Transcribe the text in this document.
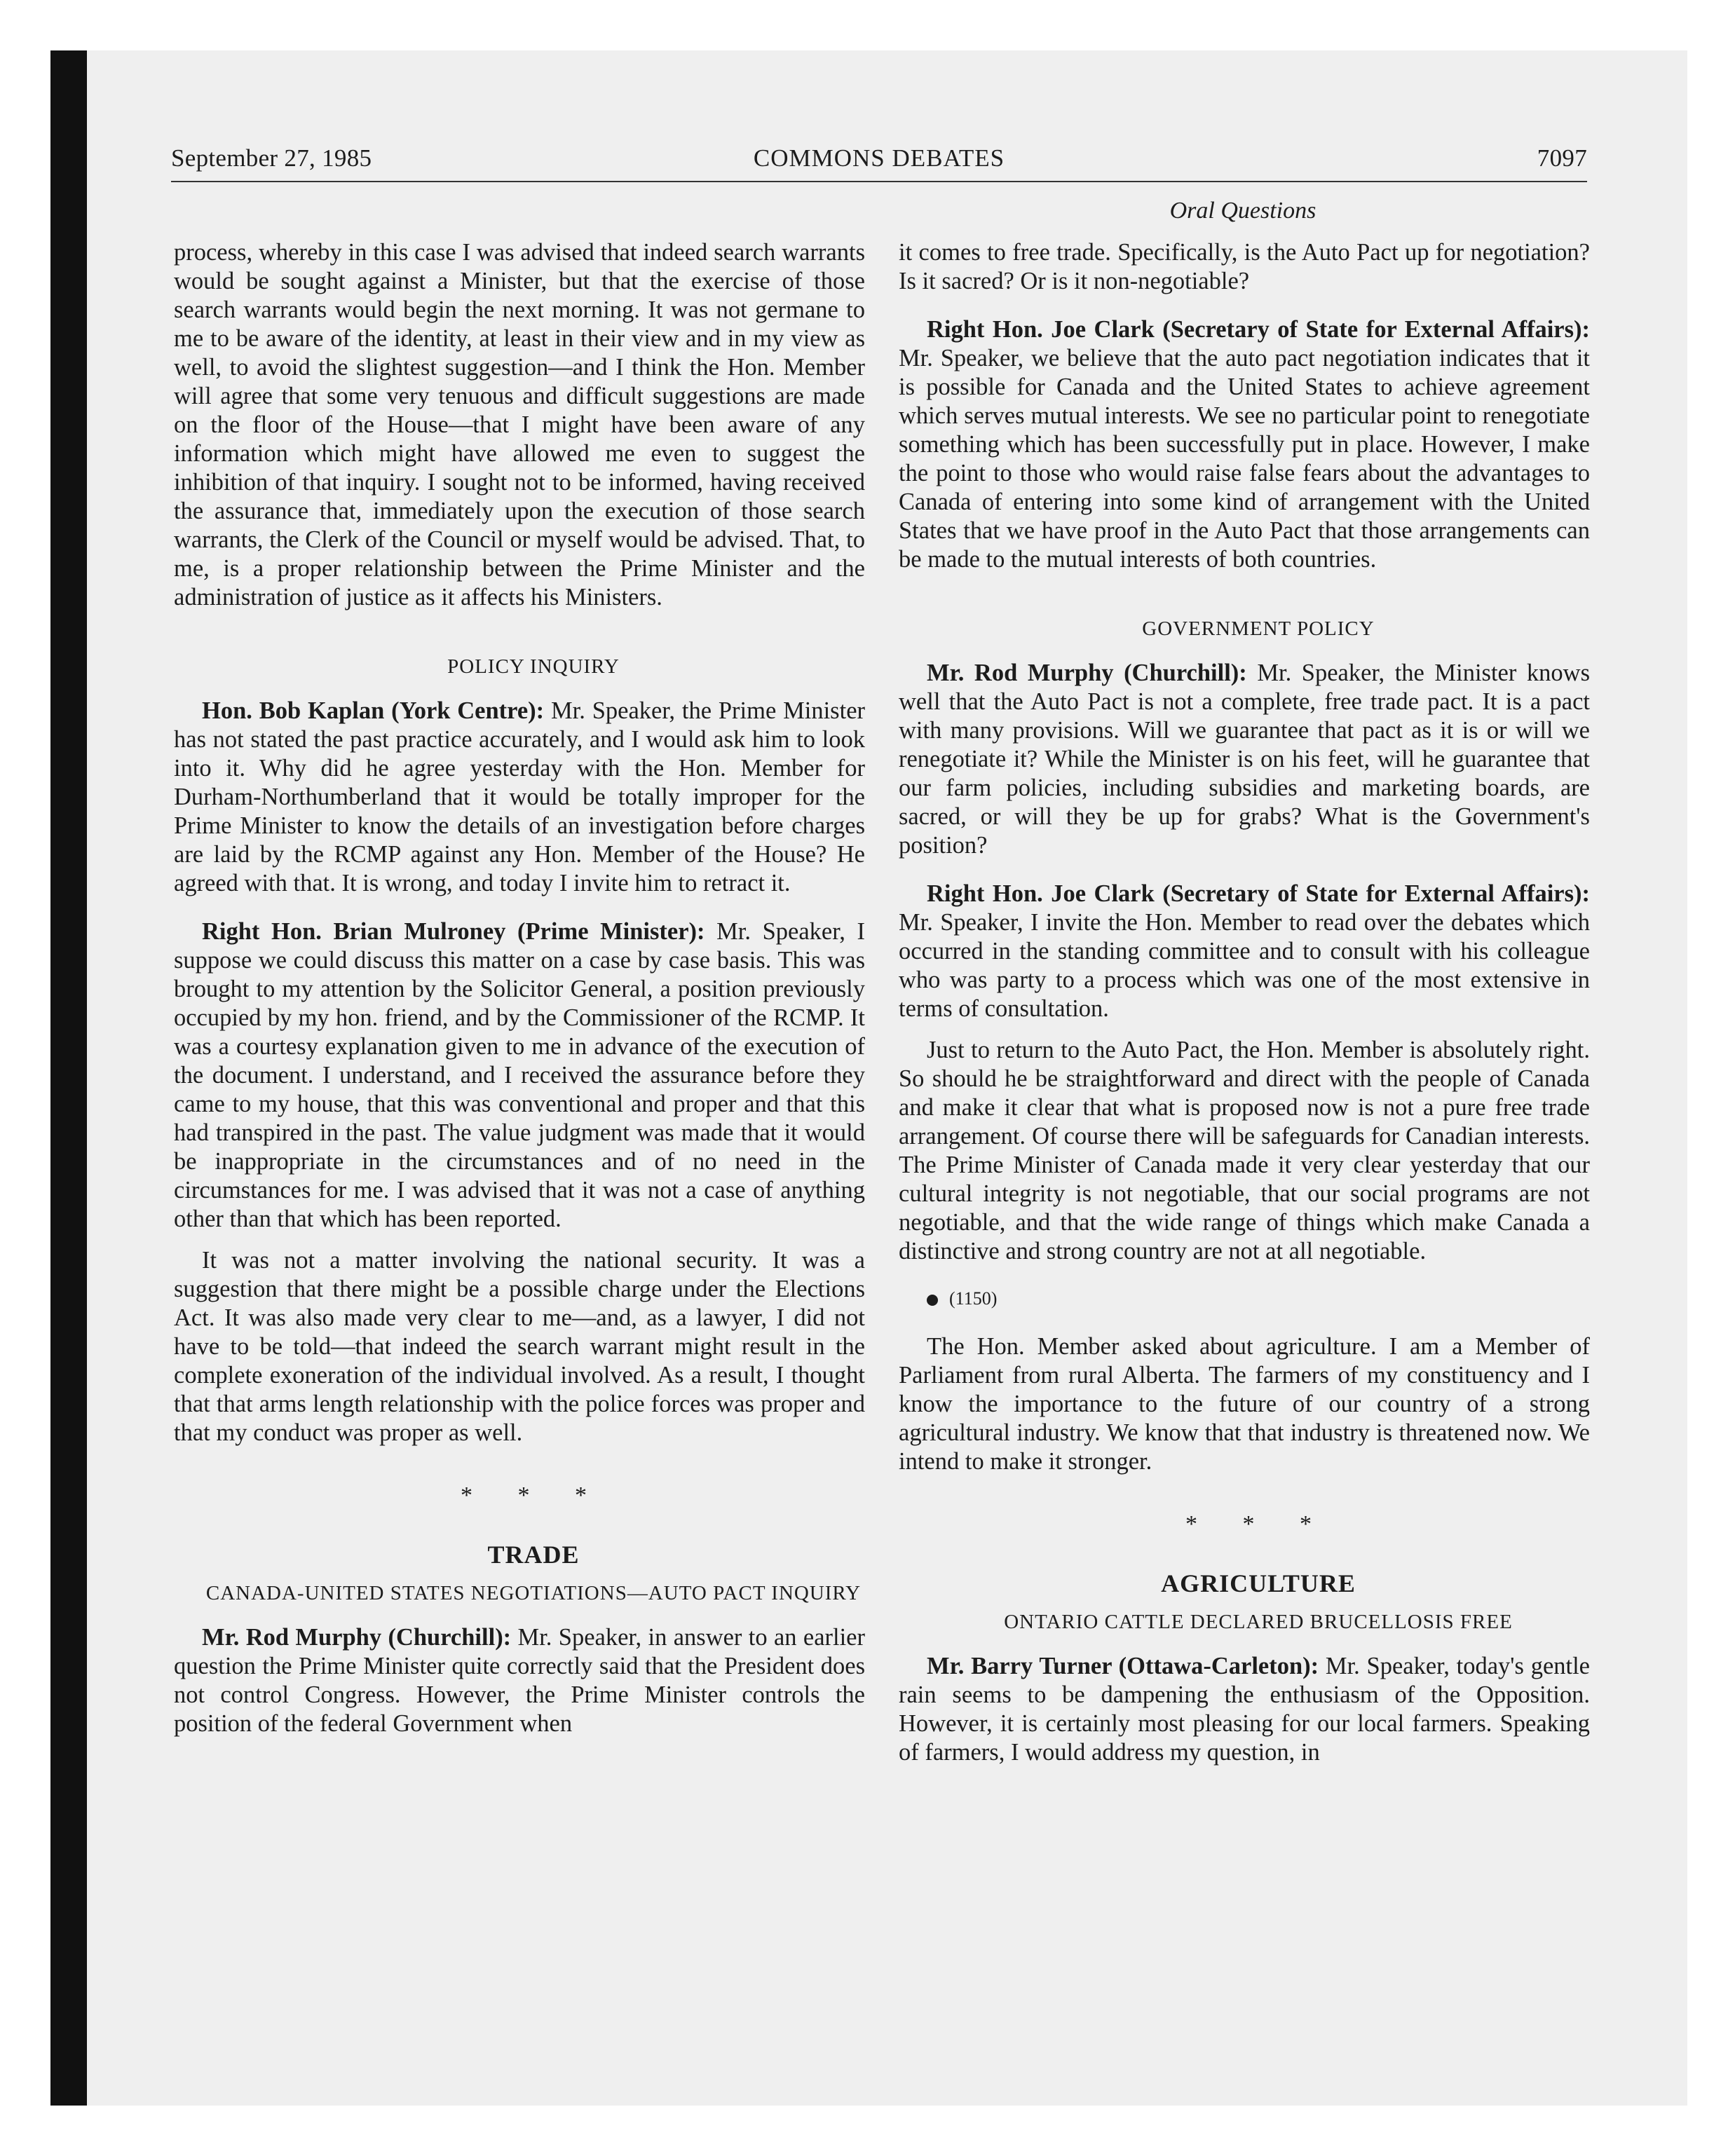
September 27, 1985	COMMONS DEBATES	7097
Oral Questions

process, whereby in this case I was advised that indeed search warrants would be sought against a Minister, but that the exercise of those search warrants would begin the next morning. It was not germane to me to be aware of the identity, at least in their view and in my view as well, to avoid the slightest suggestion—and I think the Hon. Member will agree that some very tenuous and difficult suggestions are made on the floor of the House—that I might have been aware of any information which might have allowed me even to suggest the inhibition of that inquiry. I sought not to be informed, having received the assurance that, immediately upon the execution of those search warrants, the Clerk of the Council or myself would be advised. That, to me, is a proper relationship between the Prime Minister and the administration of justice as it affects his Ministers.

POLICY INQUIRY

Hon. Bob Kaplan (York Centre): Mr. Speaker, the Prime Minister has not stated the past practice accurately, and I would ask him to look into it. Why did he agree yesterday with the Hon. Member for Durham-Northumberland that it would be totally improper for the Prime Minister to know the details of an investigation before charges are laid by the RCMP against any Hon. Member of the House? He agreed with that. It is wrong, and today I invite him to retract it.

Right Hon. Brian Mulroney (Prime Minister): Mr. Speaker, I suppose we could discuss this matter on a case by case basis. This was brought to my attention by the Solicitor General, a position previously occupied by my hon. friend, and by the Commissioner of the RCMP. It was a courtesy explanation given to me in advance of the execution of the document. I understand, and I received the assurance before they came to my house, that this was conventional and proper and that this had transpired in the past. The value judgment was made that it would be inappropriate in the circumstances and of no need in the circumstances for me. I was advised that it was not a case of anything other than that which has been reported.

It was not a matter involving the national security. It was a suggestion that there might be a possible charge under the Elections Act. It was also made very clear to me—and, as a lawyer, I did not have to be told—that indeed the search warrant might result in the complete exoneration of the individual involved. As a result, I thought that that arms length relationship with the police forces was proper and that my conduct was proper as well.

* * *

TRADE

CANADA-UNITED STATES NEGOTIATIONS—AUTO PACT INQUIRY

Mr. Rod Murphy (Churchill): Mr. Speaker, in answer to an earlier question the Prime Minister quite correctly said that the President does not control Congress. However, the Prime Minister controls the position of the federal Government when

it comes to free trade. Specifically, is the Auto Pact up for negotiation? Is it sacred? Or is it non-negotiable?

Right Hon. Joe Clark (Secretary of State for External Affairs): Mr. Speaker, we believe that the auto pact negotiation indicates that it is possible for Canada and the United States to achieve agreement which serves mutual interests. We see no particular point to renegotiate something which has been successfully put in place. However, I make the point to those who would raise false fears about the advantages to Canada of entering into some kind of arrangement with the United States that we have proof in the Auto Pact that those arrangements can be made to the mutual interests of both countries.

GOVERNMENT POLICY

Mr. Rod Murphy (Churchill): Mr. Speaker, the Minister knows well that the Auto Pact is not a complete, free trade pact. It is a pact with many provisions. Will we guarantee that pact as it is or will we renegotiate it? While the Minister is on his feet, will he guarantee that our farm policies, including subsidies and marketing boards, are sacred, or will they be up for grabs? What is the Government's position?

Right Hon. Joe Clark (Secretary of State for External Affairs): Mr. Speaker, I invite the Hon. Member to read over the debates which occurred in the standing committee and to consult with his colleague who was party to a process which was one of the most extensive in terms of consultation.

Just to return to the Auto Pact, the Hon. Member is absolutely right. So should he be straightforward and direct with the people of Canada and make it clear that what is proposed now is not a pure free trade arrangement. Of course there will be safeguards for Canadian interests. The Prime Minister of Canada made it very clear yesterday that our cultural integrity is not negotiable, that our social programs are not negotiable, and that the wide range of things which make Canada a distinctive and strong country are not at all negotiable.

(1150)

The Hon. Member asked about agriculture. I am a Member of Parliament from rural Alberta. The farmers of my constituency and I know the importance to the future of our country of a strong agricultural industry. We know that that industry is threatened now. We intend to make it stronger.

* * *

AGRICULTURE

ONTARIO CATTLE DECLARED BRUCELLOSIS FREE

Mr. Barry Turner (Ottawa-Carleton): Mr. Speaker, today's gentle rain seems to be dampening the enthusiasm of the Opposition. However, it is certainly most pleasing for our local farmers. Speaking of farmers, I would address my question, in
